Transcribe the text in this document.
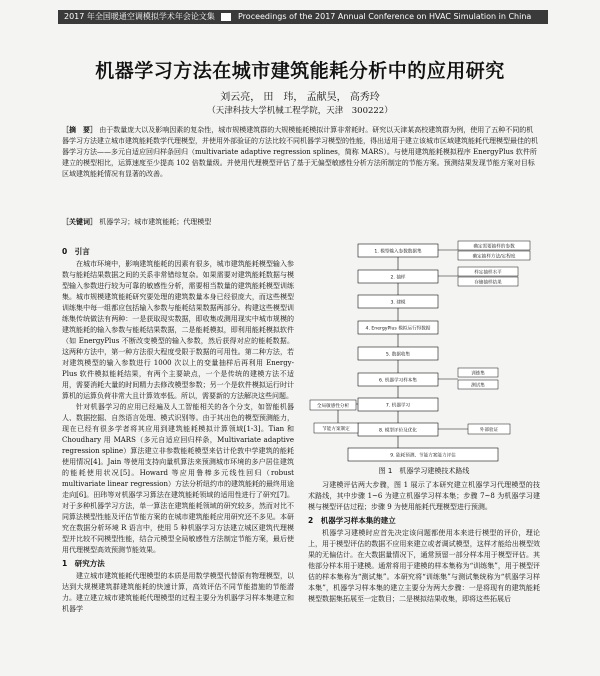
2017 年全国暖通空调模拟学术年会论文集	Proceedings of the 2017 Annual Conference on HVAC Simulation in China
机器学习方法在城市建筑能耗分析中的应用研究
刘云亮， 田　玮， 孟献昊， 高秀玲
（天津科技大学机械工程学院，天津　300222）
［摘　要］ 由于数量庞大以及影响因素的复杂性，城市规模建筑群的大规模能耗模拟计算非常耗时。研究以天津某高校建筑群为例，使用了五种不同的机器学习方法建立城市建筑能耗数学代理模型，并使用外部验证的方法比较不同机器学习模型的性能，得出适用于建立该城市区域建筑能耗代理模型最佳的机器学习方法——多元自适应回归样条回归（multivariate adaptive regression splines，简称 MARS）。与使用建筑能耗模拟程序 EnergyPlus 软件所建立的模型相比，运算速度至少提高 102 倍数量级。并使用代理模型评估了基于无偏型敏感性分析方法所制定的节能方案。预测结果发现节能方案对目标区域建筑能耗情况有显著的改善。
［关键词］ 机器学习；城市建筑能耗；代理模型
0　引言

在城市环境中，影响建筑能耗的因素有很多，城市建筑能耗模型输入参数与能耗结果数据之间的关系非常错综复杂。如果需要对建筑能耗数据与模型输入参数进行较为可靠的敏感性分析，需要相当数量的建筑能耗模型训练集。城市规模建筑能耗研究要处理的建筑数量本身已经很庞大，而这些模型训练集中每一组都应包括输入参数与能耗结果数据两部分。构建这些模型训练集传统做法有两种：一是获取现实数据，即收集或测用现实中城市规模的建筑能耗的输入参数与能耗结果数据，二是能耗模拟，即利用能耗模拟软件（如 EnergyPlus 不断改变模型的输入参数，然后获得对应的能耗数据。这两种方法中，第一种方法很大程度受限于数据的可用性。第二种方法，若对建筑模型的输入参数进行 1000 次以上的变量抽样后再利用 Energy-Plus 软件模拟能耗结果，有两个主要缺点，一个是传统的建模方法不适用，需要消耗大量的时间精力去修改模型参数；另一个是软件模拟运行时计算机的运算负荷非常大且计算效率低。所以，需要新的方法解决这些问题。

针对机器学习的应用已经遍及人工智能相关的各个分支，如智能机器人、数据挖掘、自然语言处理、模式识别等。由于其出色的模型预测能力，现在已经有很多学者将其应用到建筑能耗模拟计算领域[1-3]。Tian 和 Choudhary 用 MARS（多元自适应回归样条，Multivariate adaptive regression spline）算法建立非参数能耗模型来估计伦敦中学建筑的能耗使用情况[4]。Jain 等使用支持向量机算法来预测城市环境的多户居住建筑的能耗使用状况[5]。Howard 等应用鲁棒多元线性回归（robust multivariate linear regression）方法分析纽约市的建筑能耗的最终用途走向[6]。田玮等对机器学习算法在建筑能耗领域的适用性进行了研究[7]。对于多种机器学习方法，单一算法在建筑能耗领域的研究较多，然而对比不同算法模型性能及评估节能方案的在城市建筑能耗应用研究还不多见。本研究在数据分析环境 R 语言中，使用 5 种机器学习方法建立城区建筑代理模型并比较不同模型性能，结合元模型全局敏感性方法制定节能方案，最后使用代理模型高效预测节能效果。

1　研究方法

建立城市建筑能耗代理模型的本质是用数学模型代替原有物理模型，以达到大规模建筑群建筑能耗的快速计算，高效评估不同节能措施的节能潜力。建立建立城市建筑能耗代理模型的过程主要分为机器学习样本集建立和机器学

1. 模型输入参数数据集
2. 抽样
3. 建模
4. EnergyPlus 模拟运行得数据
5. 数据收集
6. 机器学习样本集
7. 机器学习
8. 模型评价及优化
9. 能耗预测、节能方案能力评估
确定需要抽样的参数
确定抽样方法/定程度
样定抽样水平
存储抽样结果
训练集
测试集
外部验证
全局敏感性分析
节能方案制定
图 1　机器学习建模技术路线

习建模评估两大步骤，图 1 展示了本研究建立机器学习代理模型的技术路线，其中步骤 1~6 为建立机器学习样本集；步骤 7~8 为机器学习建模与模型评估过程；步骤 9 为使用能耗代理模型进行预测。

2　机器学习样本集的建立

机器学习建模时应首先决定该问题都使用本来进行模型的评价，理论上，用于模型评估的数据不应用来建立或者调试模型，这样才能给出模型效果的无偏估计。在大数据量情况下，通常预留一部分样本用于模型评估。其他部分样本用于建模。通常将用于建模的样本集称为“训练集”，用于模型评估的样本集称为“测试集”。本研究将“训练集”与测试集统称为“机器学习样本集”，机器学习样本集的建立主要分为两大步骤：一是将现有的建筑能耗模型数据集拓展至一定数目；二是模拟结果收集，即将这些拓展后
